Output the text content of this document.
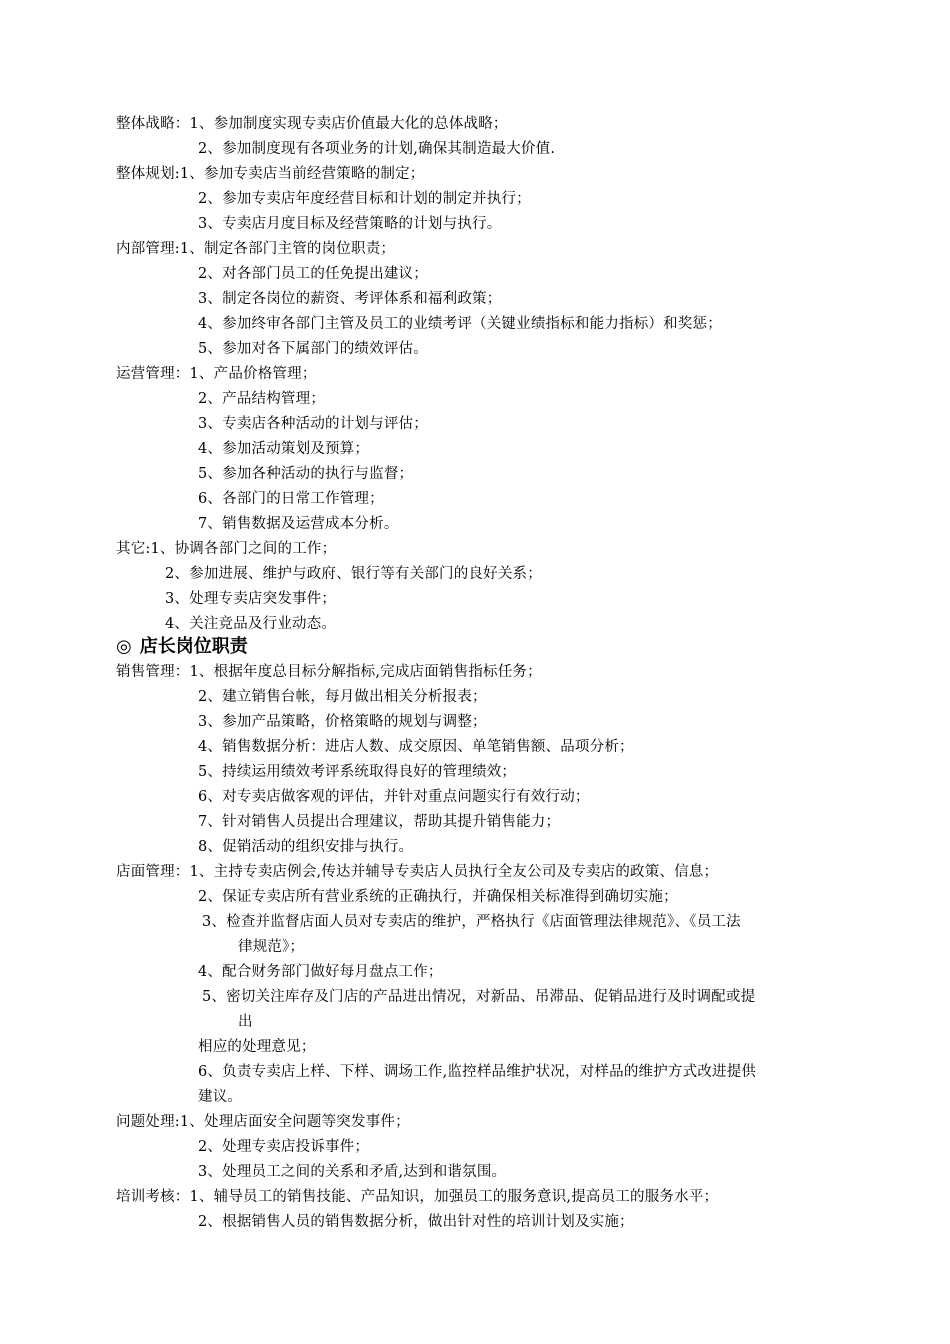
整体战略：1、参加制度实现专卖店价值最大化的总体战略；
2、参加制度现有各项业务的计划,确保其制造最大价值.
整体规划:1、参加专卖店当前经营策略的制定；
2、参加专卖店年度经营目标和计划的制定并执行；
3、专卖店月度目标及经营策略的计划与执行。
内部管理:1、制定各部门主管的岗位职责；
2、对各部门员工的任免提出建议；
3、制定各岗位的薪资、考评体系和福利政策；
4、参加终审各部门主管及员工的业绩考评（关键业绩指标和能力指标）和奖惩；
5、参加对各下属部门的绩效评估。
运营管理：1、产品价格管理；
2、产品结构管理；
3、专卖店各种活动的计划与评估；
4、参加活动策划及预算；
5、参加各种活动的执行与监督；
6、各部门的日常工作管理；
7、销售数据及运营成本分析。
其它:1、协调各部门之间的工作；
2、参加进展、维护与政府、银行等有关部门的良好关系；
3、处理专卖店突发事件；
4、关注竞品及行业动态。
◎ 店长岗位职责
销售管理：1、根据年度总目标分解指标,完成店面销售指标任务；
2、建立销售台帐，每月做出相关分析报表；
3、参加产品策略，价格策略的规划与调整；
4、销售数据分析：进店人数、成交原因、单笔销售额、品项分析；
5、持续运用绩效考评系统取得良好的管理绩效；
6、对专卖店做客观的评估，并针对重点问题实行有效行动；
7、针对销售人员提出合理建议，帮助其提升销售能力；
8、促销活动的组织安排与执行。
店面管理：1、主持专卖店例会,传达并辅导专卖店人员执行全友公司及专卖店的政策、信息；
2、保证专卖店所有营业系统的正确执行，并确保相关标准得到确切实施；
3、检查并监督店面人员对专卖店的维护，严格执行《店面管理法律规范》、《员工法
律规范》；
4、配合财务部门做好每月盘点工作；
5、密切关注库存及门店的产品进出情况，对新品、吊滞品、促销品进行及时调配或提
出
相应的处理意见；
6、负责专卖店上样、下样、调场工作,监控样品维护状况，对样品的维护方式改进提供
建议。
问题处理:1、处理店面安全问题等突发事件；
2、处理专卖店投诉事件；
3、处理员工之间的关系和矛盾,达到和谐氛围。
培训考核：1、辅导员工的销售技能、产品知识，加强员工的服务意识,提高员工的服务水平；
2、根据销售人员的销售数据分析，做出针对性的培训计划及实施；
